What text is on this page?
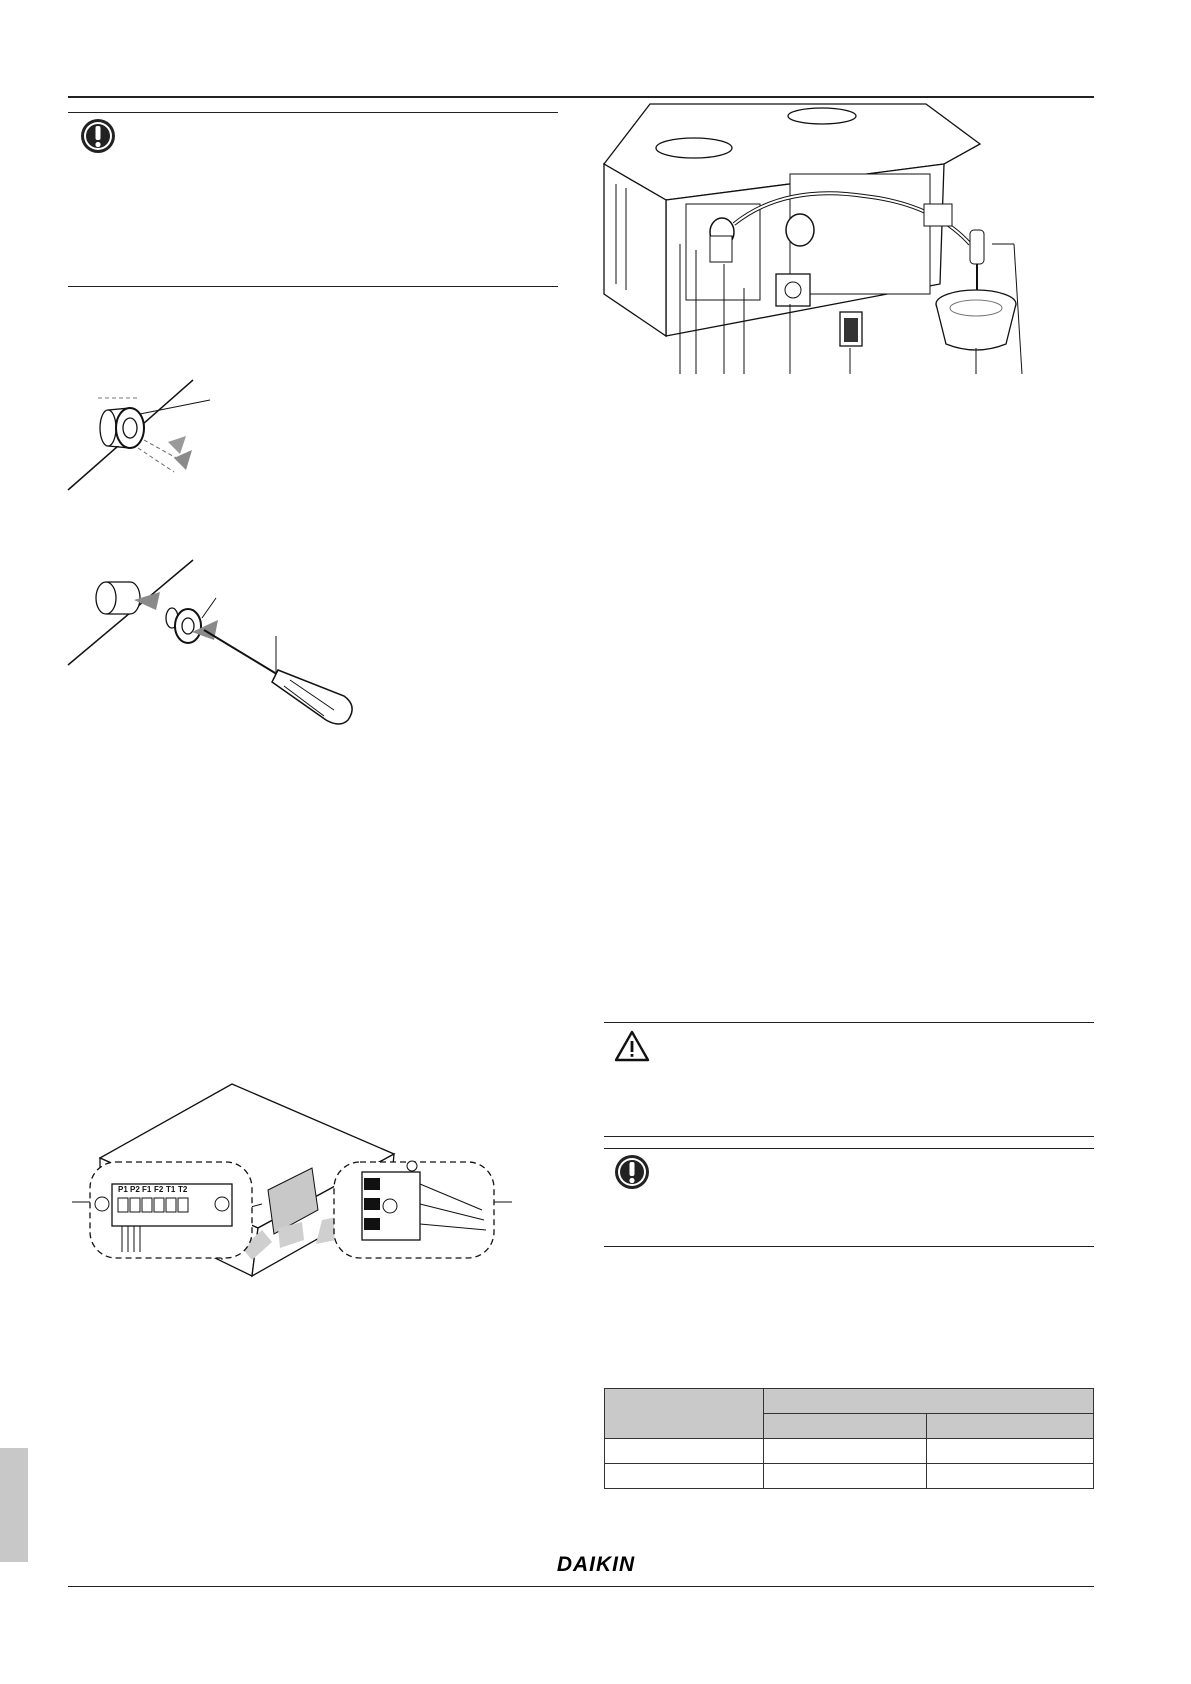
P1 P2 F1 F2 T1 T2

DAIKIN
